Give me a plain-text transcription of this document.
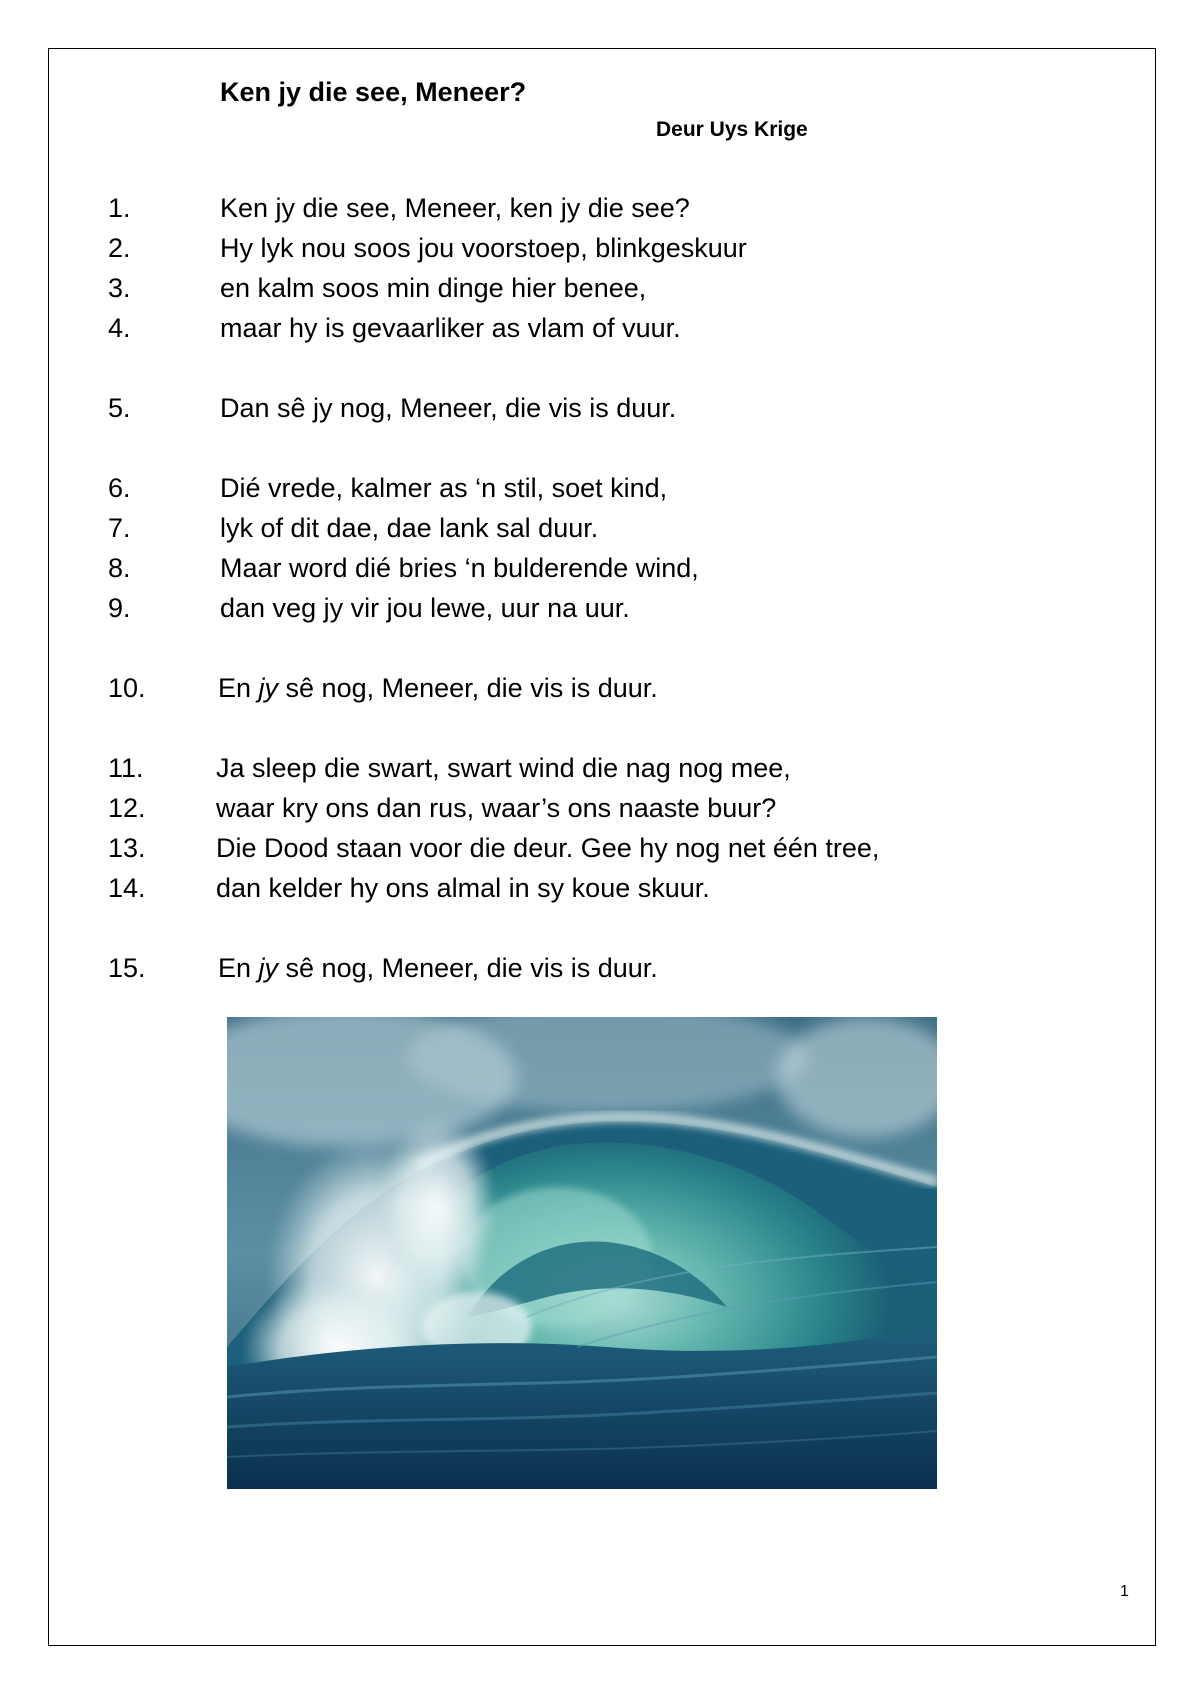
Ken jy die see, Meneer?
Deur Uys Krige
1.	Ken jy die see, Meneer, ken jy die see?
2.	Hy lyk nou soos jou voorstoep, blinkgeskuur
3.	en kalm soos min dinge hier benee,
4.	maar hy is gevaarliker as vlam of vuur.
5.	Dan sê jy nog, Meneer, die vis is duur.
6.	Dié vrede, kalmer as ‘n stil, soet kind,
7.	lyk of dit dae, dae lank sal duur.
8.	Maar word dié bries ‘n bulderende wind,
9.	dan veg jy vir jou lewe, uur na uur.
10.	En jy sê nog, Meneer, die vis is duur.
11.	Ja sleep die swart, swart wind die nag nog mee,
12.	waar kry ons dan rus, waar’s ons naaste buur?
13.	Die Dood staan voor die deur. Gee hy nog net één tree,
14.	dan kelder hy ons almal in sy koue skuur.
15.	En jy sê nog, Meneer, die vis is duur.
1
